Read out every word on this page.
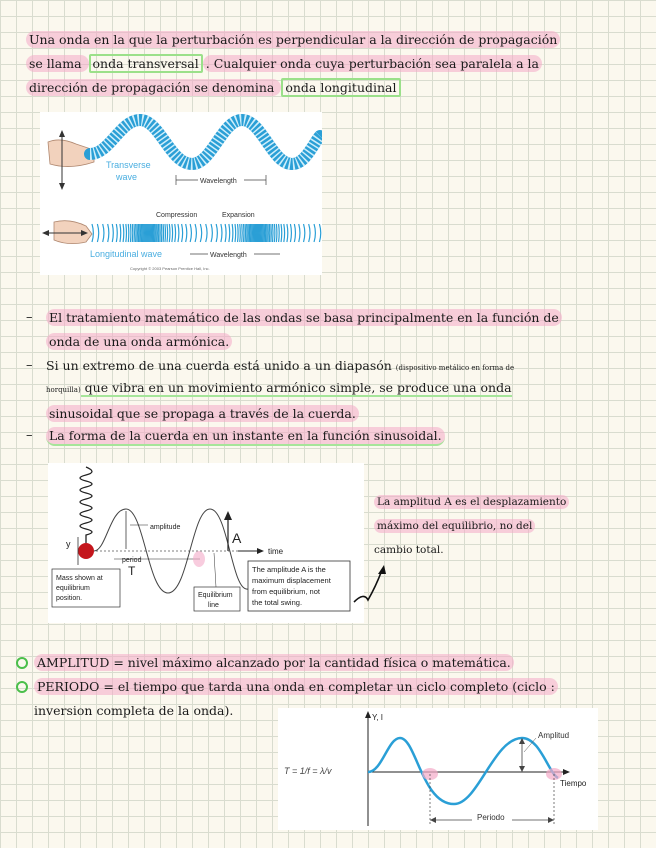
Una onda en la que la perturbación es perpendicular a la dirección de propagación
se llama onda transversal . Cualquier onda cuya perturbación sea paralela a la
dirección de propagación se denomina onda longitudinal
Transverse
wave	Wavelength
Compression	Expansion
Longitudinal wave	Wavelength
Copyright © 2003 Pearson Prentice Hall, Inc.
– El tratamiento matemático de las ondas se basa principalmente en la función de
onda de una onda armónica.
– Si un extremo de una cuerda está unido a un diapasón (dispositivo metálico en forma de
horquilla) que vibra en un movimiento armónico simple, se produce una onda
sinusoidal que se propaga a través de la cuerda.
– La forma de la cuerda en un instante en la función sinusoidal.
y
time
amplitude
period
T
A
Mass shown at
equilibrium
position.	Equilibrium
line
The amplitude A is the
maximum displacement
from equilibrium, not
the total swing.
La amplitud A es el desplazamiento
máximo del equilibrio, no del
cambio total.
AMPLITUD = nivel máximo alcanzado por la cantidad física o matemática.
PERIODO = el tiempo que tarda una onda en completar un ciclo completo (ciclo :
inversion completa de la onda).
T = 1/f = λ/v
Y, I
Tiempo
Amplitud
Periodo
